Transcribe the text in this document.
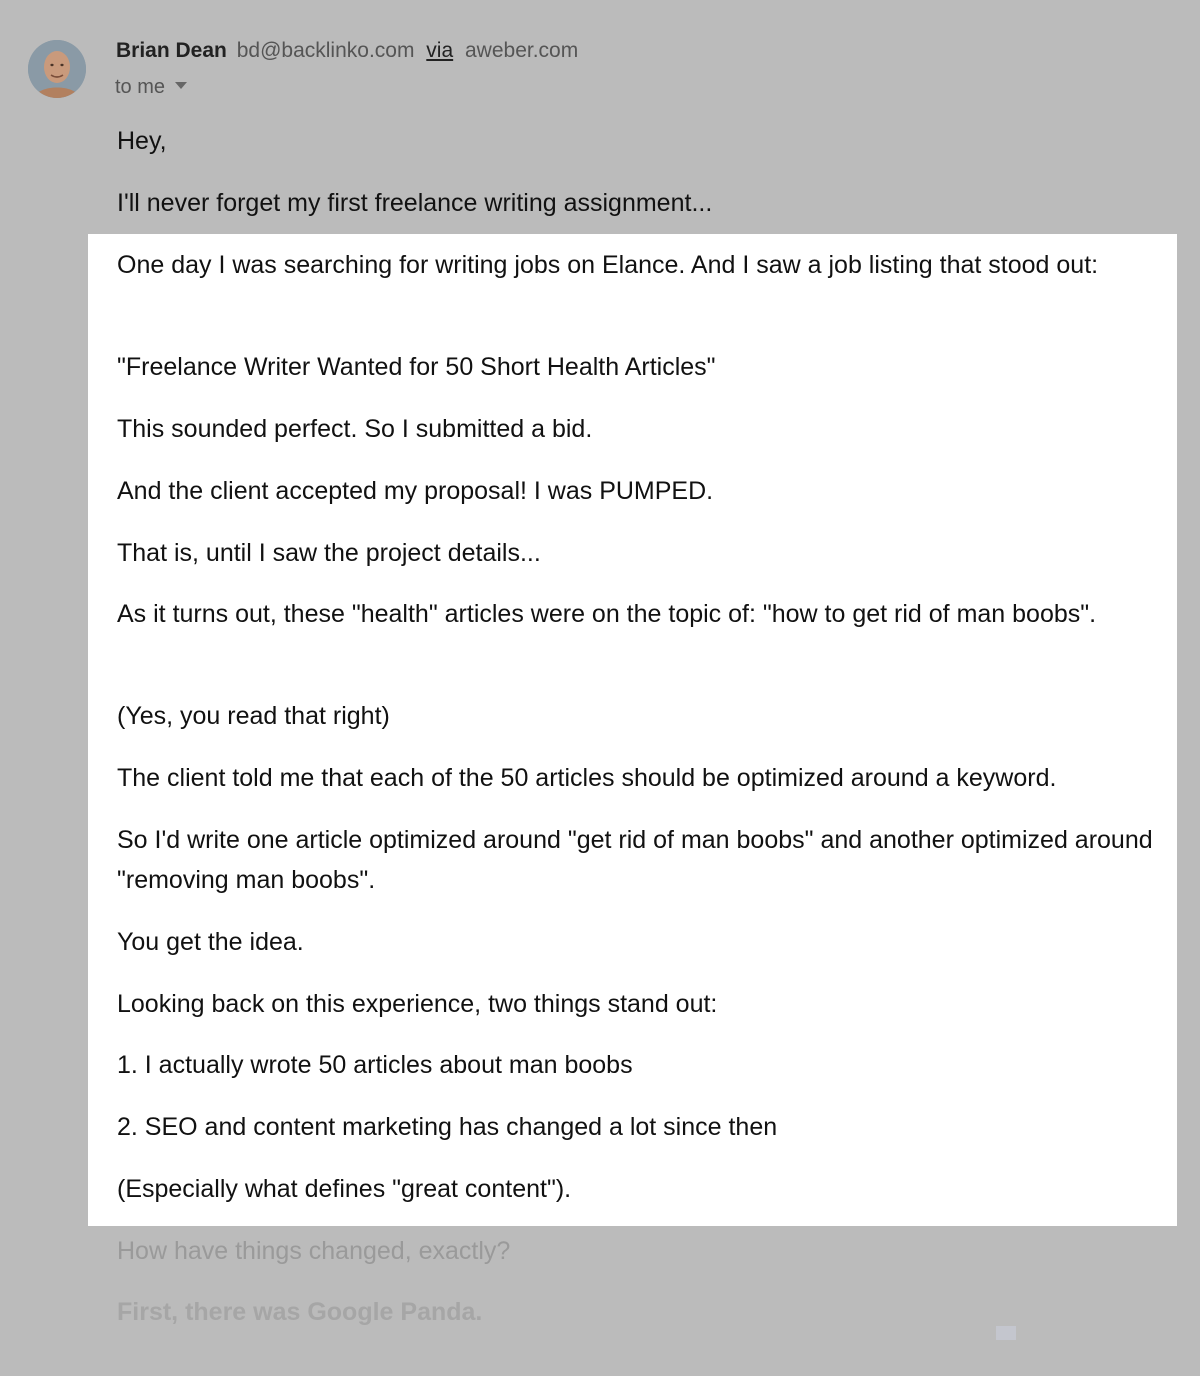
Brian Dean bd@backlinko.com via aweber.com
to me

Hey,

I'll never forget my first freelance writing assignment...

One day I was searching for writing jobs on Elance. And I saw a job listing that stood out:

"Freelance Writer Wanted for 50 Short Health Articles"

This sounded perfect. So I submitted a bid.

And the client accepted my proposal! I was PUMPED.

That is, until I saw the project details...

As it turns out, these "health" articles were on the topic of: "how to get rid of man boobs".

(Yes, you read that right)

The client told me that each of the 50 articles should be optimized around a keyword.

So I'd write one article optimized around "get rid of man boobs" and another optimized around "removing man boobs".

You get the idea.

Looking back on this experience, two things stand out:

1. I actually wrote 50 articles about man boobs

2. SEO and content marketing has changed a lot since then

(Especially what defines "great content").

How have things changed, exactly?

First, there was Google Panda.
